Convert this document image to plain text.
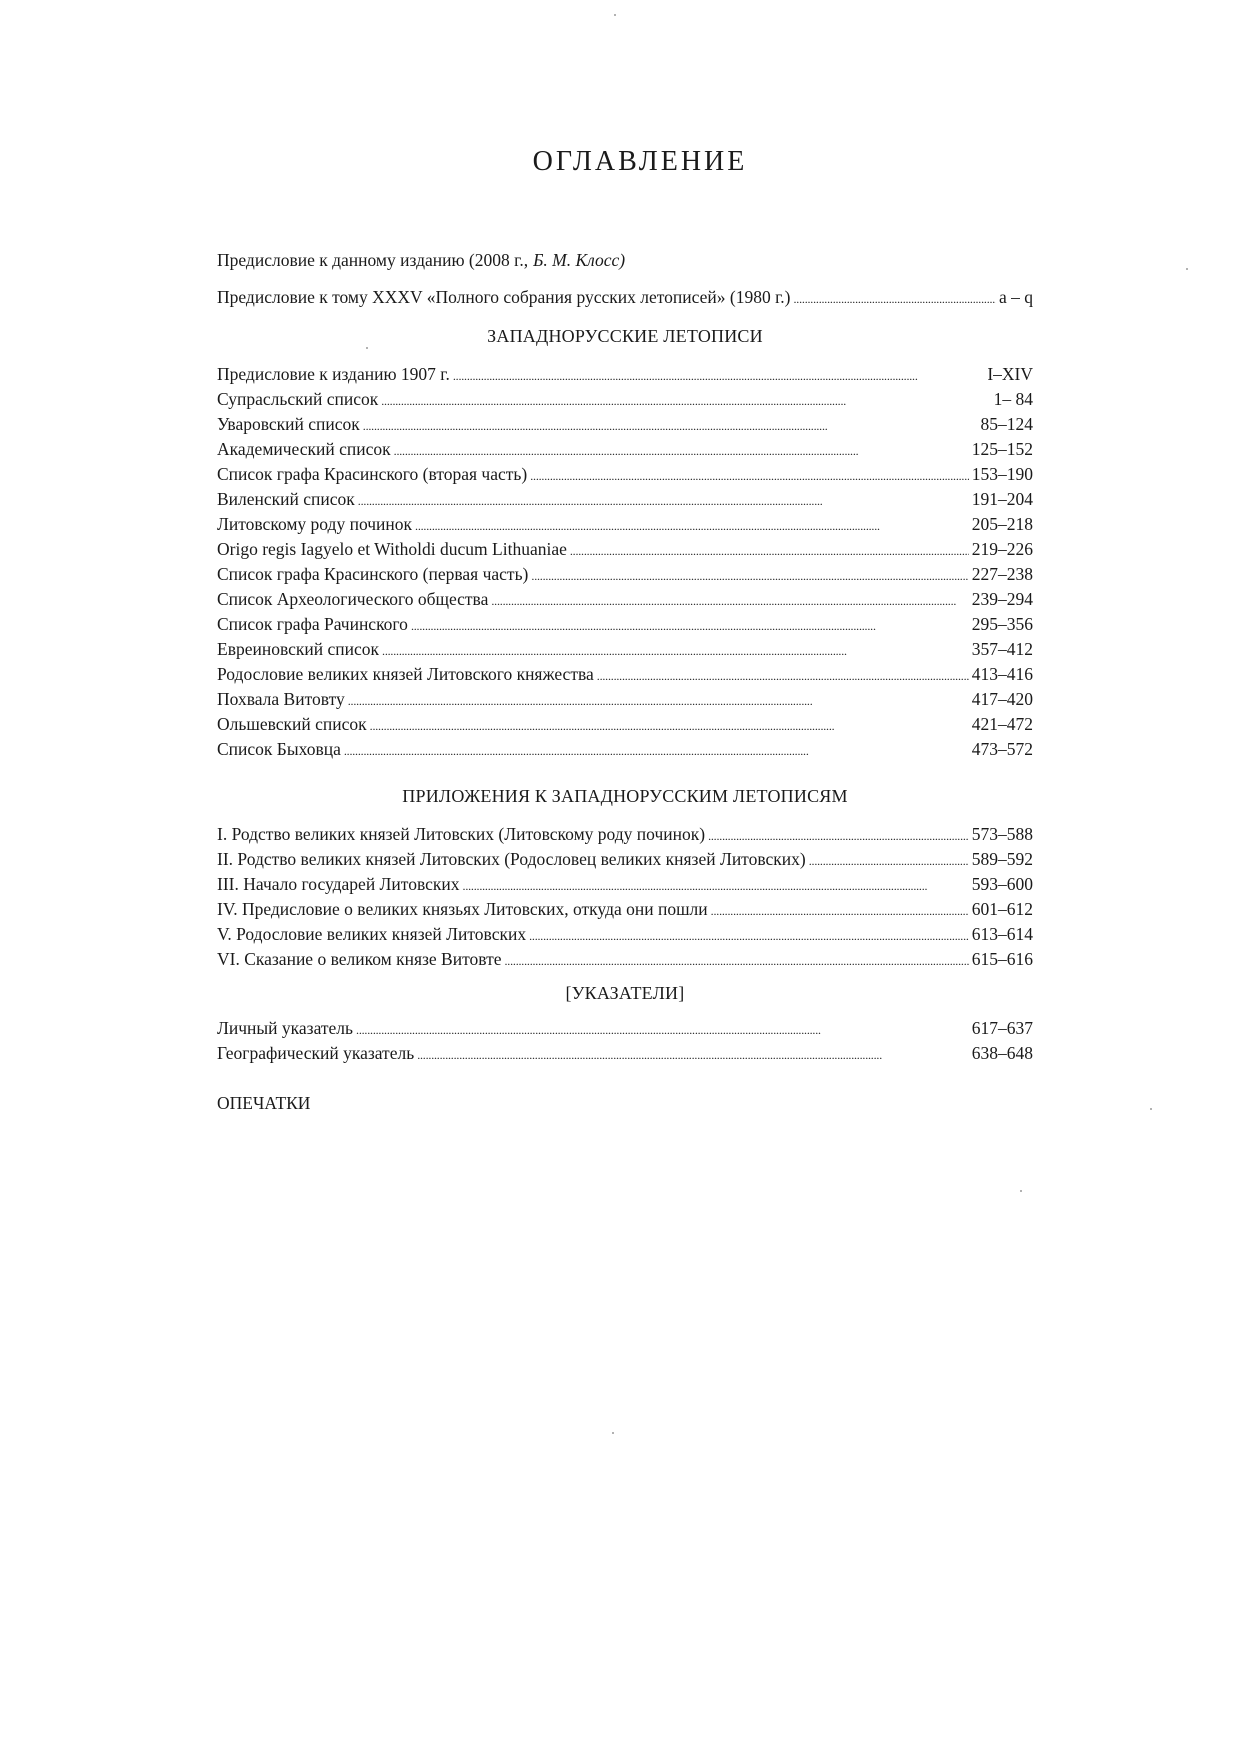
ОГЛАВЛЕНИЕ
Предисловие к данному изданию (2008 г., Б. М. Клосс)
Предисловие к тому XXXV «Полного собрания русских летописей» (1980 г.) . . .	a – q
ЗАПАДНОРУССКИЕ ЛЕТОПИСИ
Предисловие к изданию 1907 г. . . .	I–XIV
Супрасльский список . . .	1– 84
Уваровский список . . .	85–124
Академический список . . .	125–152
Список графа Красинского (вторая часть) . . .	153–190
Виленский список . . .	191–204
Литовскому роду починок . . .	205–218
Origo regis Iagyelo et Witholdi ducum Lithuaniae . . .	219–226
Список графа Красинского (первая часть) . . .	227–238
Список Археологического общества . . .	239–294
Список графа Рачинского . . .	295–356
Евреиновский список . . .	357–412
Родословие великих князей Литовского княжества . . .	413–416
Похвала Витовту . . .	417–420
Ольшевский список . . .	421–472
Список Быховца . . .	473–572
ПРИЛОЖЕНИЯ К ЗАПАДНОРУССКИМ ЛЕТОПИСЯМ
I. Родство великих князей Литовских (Литовскому роду починок) . . .	573–588
II. Родство великих князей Литовских (Родословец великих князей Литовских) . . .	589–592
III. Начало государей Литовских . . .	593–600
IV. Предисловие о великих князьях Литовских, откуда они пошли . . .	601–612
V. Родословие великих князей Литовских . . .	613–614
VI. Сказание о великом князе Витовте . . .	615–616
[УКАЗАТЕЛИ]
Личный указатель . . .	617–637
Географический указатель . . .	638–648
ОПЕЧАТКИ
